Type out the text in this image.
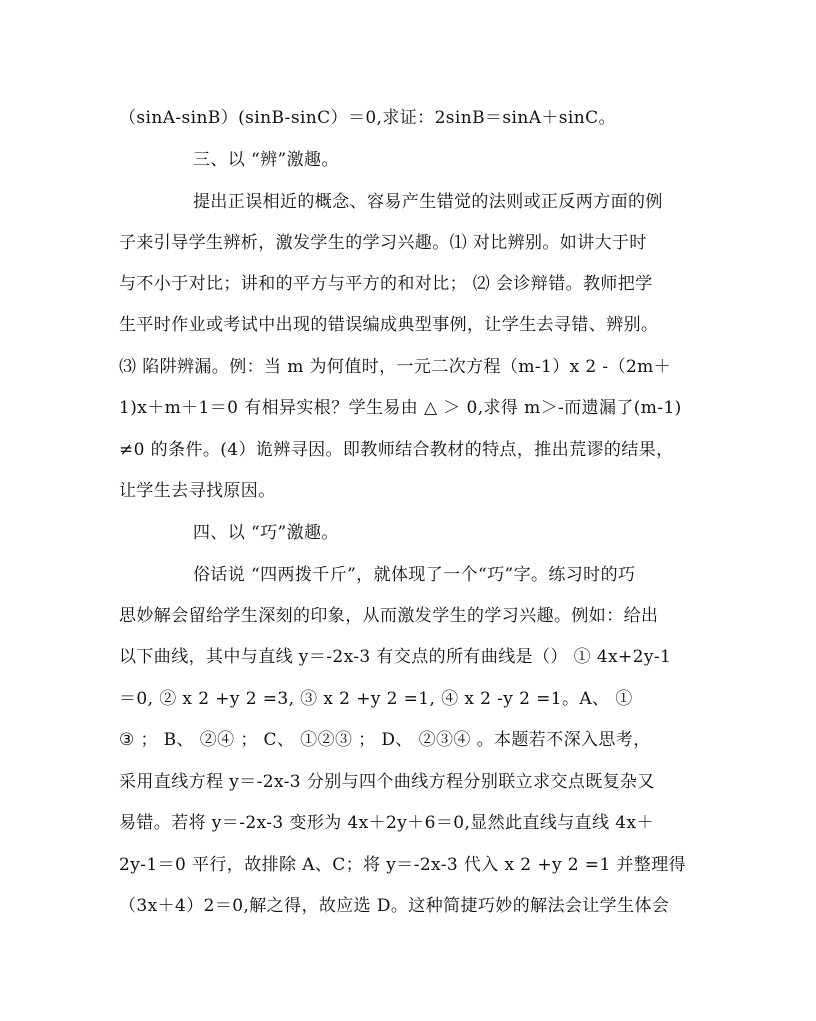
（sinA-sinB）(sinB-sinC）＝0,求证：2sinB＝sinA＋sinC。
三、以 “辨”激趣。
提出正误相近的概念、容易产生错觉的法则或正反两方面的例
子来引导学生辨析，激发学生的学习兴趣。⑴ 对比辨别。如讲大于时
与不小于对比；讲和的平方与平方的和对比； ⑵ 会诊辩错。教师把学
生平时作业或考试中出现的错误编成典型事例，让学生去寻错、辨别。
⑶ 陷阱辨漏。例：当 m 为何值时，一元二次方程（m-1）x 2 -（2m＋
1)x＋m＋1＝0 有相异实根？学生易由 △ ＞ 0,求得 m＞-而遗漏了(m-1)
≠0 的条件。(4）诡辨寻因。即教师结合教材的特点，推出荒谬的结果，
让学生去寻找原因。
四、以 “巧”激趣。
俗话说 “四两拨千斤”，就体现了一个“巧”字。练习时的巧
思妙解会留给学生深刻的印象，从而激发学生的学习兴趣。例如：给出
以下曲线，其中与直线 y＝-2x-3 有交点的所有曲线是（） ① 4x+2y-1
＝0, ② x 2 +y 2 =3, ③ x 2 +y 2 =1, ④ x 2 -y 2 =1。A、 ①
③ ； B、 ②④ ； C、 ①②③ ； D、 ②③④ 。本题若不深入思考，
采用直线方程 y＝-2x-3 分别与四个曲线方程分别联立求交点既复杂又
易错。若将 y＝-2x-3 变形为 4x＋2y＋6＝0,显然此直线与直线 4x＋
2y-1＝0 平行，故排除 A、C；将 y＝-2x-3 代入 x 2 +y 2 =1 并整理得
（3x＋4）2＝0,解之得，故应选 D。这种简捷巧妙的解法会让学生体会
